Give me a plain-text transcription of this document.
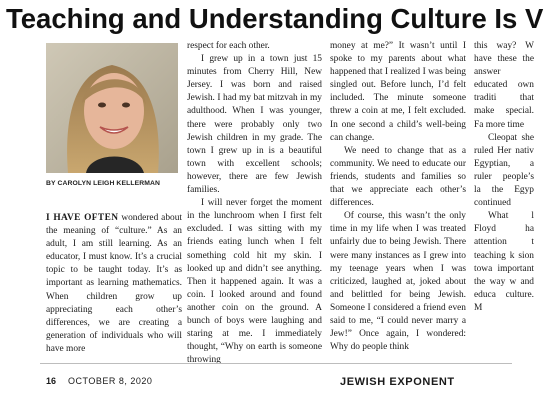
Teaching and Understanding Culture Is V
BY CAROLYN LEIGH KELLERMAN

I HAVE OFTEN wondered about the meaning of “culture.” As an adult, I am still learning. As an educator, I must know. It’s a crucial topic to be taught today. It’s as important as learning mathematics. When children grow up appreciating each other’s differences, we are creating a generation of individuals who will have more

respect for each other.

I grew up in a town just 15 minutes from Cherry Hill, New Jersey. I was born and raised Jewish. I had my bat mitzvah in my adulthood. When I was younger, there were probably only two Jewish children in my grade. The town I grew up in is a beautiful town with excellent schools; however, there are few Jewish families.

I will never forget the moment in the lunchroom when I first felt excluded. I was sitting with my friends eating lunch when I felt something cold hit my skin. I looked up and didn’t see anything. Then it happened again. It was a coin. I looked around and found another coin on the ground. A bunch of boys were laughing and staring at me. I immediately thought, “Why on earth is someone throwing

money at me?” It wasn’t until I spoke to my parents about what happened that I realized I was being singled out. Before lunch, I’d felt included. The minute someone threw a coin at me, I felt excluded. In one second a child’s well-being can change.

We need to change that as a community. We need to educate our friends, students and families so that we appreciate each other’s differences.

Of course, this wasn’t the only time in my life when I was treated unfairly due to being Jewish. There were many instances as I grew into my teenage years when I was criticized, laughed at, joked about and belittled for being Jewish. Someone I considered a friend even said to me, “I could never marry a Jew!” Once again, I wondered: Why do people think

this way? W have these the answer educated own traditi that make special. Fa more time

Cleopat she ruled Her nativ Egyptian, a ruler people’s la the Egyp continued

What l Floyd ha attention t teaching k sion towa important the way w and educa culture. M

16 OCTOBER 8, 2020	JEWISH EXPONENT
